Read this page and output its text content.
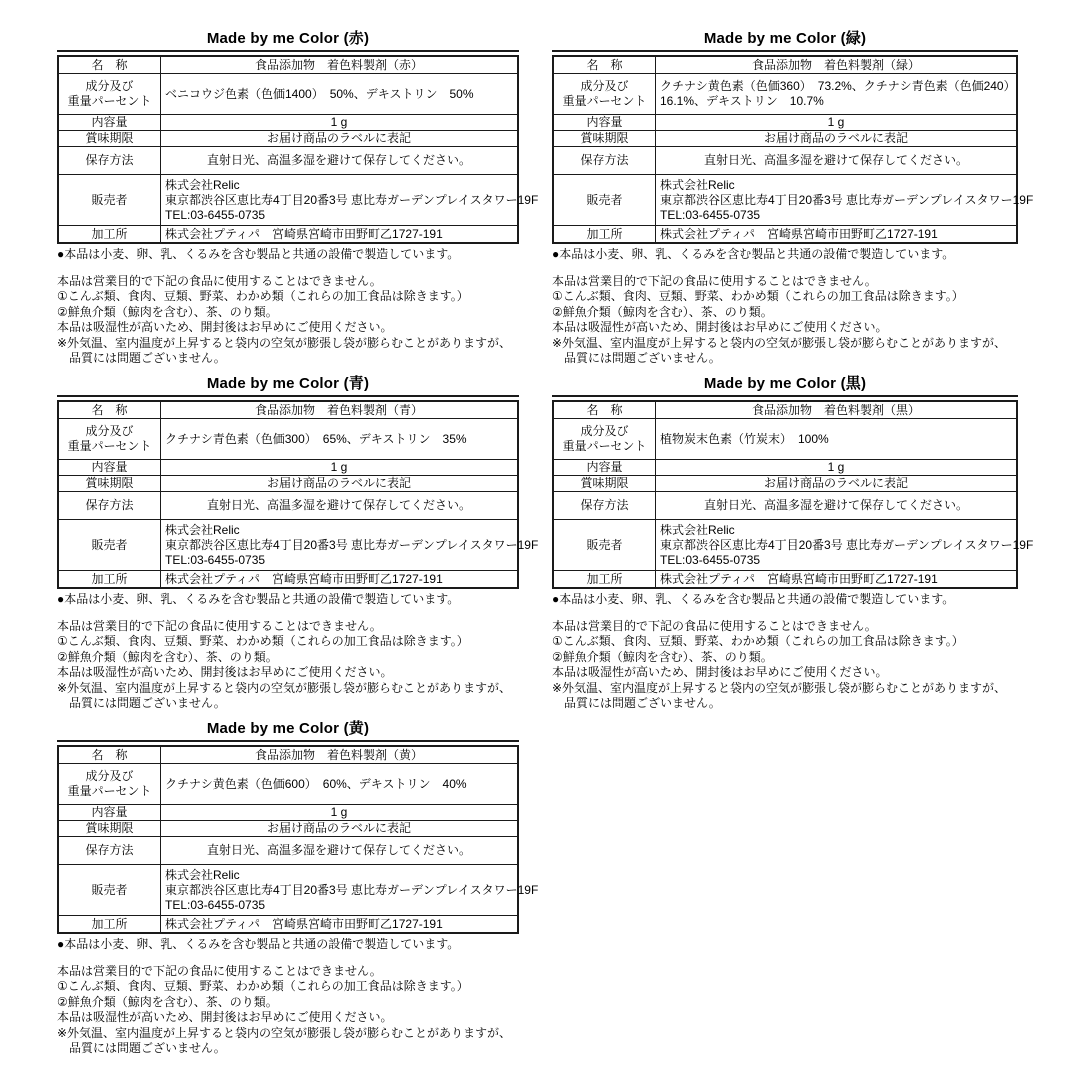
Made by me Color (赤)
名　称	食品添加物　着色料製剤（赤）

成分及び
重量パーセント	ベニコウジ色素（色価1400）　50%、デキストリン　50%
内容量	1 g
賞味期限	お届け商品のラベルに表記
保存方法	直射日光、高温多湿を避けて保存してください。
販売者	株式会社Relic
東京都渋谷区恵比寿4丁目20番3号 恵比寿ガーデンプレイスタワー19F
TEL:03-6455-0735

加工所	株式会社プティパ　宮崎県宮崎市田野町乙1727-191
●本品は小麦、卵、乳、くるみを含む製品と共通の設備で製造しています。
本品は営業目的で下記の食品に使用することはできません。
①こんぶ類、食肉、豆類、野菜、わかめ類（これらの加工食品は除きます。）
②鮮魚介類（鯨肉を含む）、茶、のり類。
本品は吸湿性が高いため、開封後はお早めにご使用ください。
※外気温、室内温度が上昇すると袋内の空気が膨張し袋が膨らむことがありますが、
　品質には問題ございません。
Made by me Color (緑)
名　称	食品添加物　着色料製剤（緑）

成分及び
重量パーセント	クチナシ黄色素（色価360）　73.2%、クチナシ青色素（色価240）16.1%、デキストリン　10.7%
内容量	1 g
賞味期限	お届け商品のラベルに表記
保存方法	直射日光、高温多湿を避けて保存してください。
販売者	株式会社Relic
東京都渋谷区恵比寿4丁目20番3号 恵比寿ガーデンプレイスタワー19F
TEL:03-6455-0735

加工所	株式会社プティパ　宮崎県宮崎市田野町乙1727-191
●本品は小麦、卵、乳、くるみを含む製品と共通の設備で製造しています。
本品は営業目的で下記の食品に使用することはできません。
①こんぶ類、食肉、豆類、野菜、わかめ類（これらの加工食品は除きます。）
②鮮魚介類（鯨肉を含む）、茶、のり類。
本品は吸湿性が高いため、開封後はお早めにご使用ください。
※外気温、室内温度が上昇すると袋内の空気が膨張し袋が膨らむことがありますが、
　品質には問題ございません。
Made by me Color (青)
名　称	食品添加物　着色料製剤（青）

成分及び
重量パーセント	クチナシ青色素（色価300）　65%、デキストリン　35%
内容量	1 g
賞味期限	お届け商品のラベルに表記
保存方法	直射日光、高温多湿を避けて保存してください。
販売者	株式会社Relic
東京都渋谷区恵比寿4丁目20番3号 恵比寿ガーデンプレイスタワー19F
TEL:03-6455-0735

加工所	株式会社プティパ　宮崎県宮崎市田野町乙1727-191
●本品は小麦、卵、乳、くるみを含む製品と共通の設備で製造しています。
本品は営業目的で下記の食品に使用することはできません。
①こんぶ類、食肉、豆類、野菜、わかめ類（これらの加工食品は除きます。）
②鮮魚介類（鯨肉を含む）、茶、のり類。
本品は吸湿性が高いため、開封後はお早めにご使用ください。
※外気温、室内温度が上昇すると袋内の空気が膨張し袋が膨らむことがありますが、
　品質には問題ございません。
Made by me Color (黒)
名　称	食品添加物　着色料製剤（黒）

成分及び
重量パーセント	植物炭末色素（竹炭末）　100%
内容量	1 g
賞味期限	お届け商品のラベルに表記
保存方法	直射日光、高温多湿を避けて保存してください。
販売者	株式会社Relic
東京都渋谷区恵比寿4丁目20番3号 恵比寿ガーデンプレイスタワー19F
TEL:03-6455-0735

加工所	株式会社プティパ　宮崎県宮崎市田野町乙1727-191
●本品は小麦、卵、乳、くるみを含む製品と共通の設備で製造しています。
本品は営業目的で下記の食品に使用することはできません。
①こんぶ類、食肉、豆類、野菜、わかめ類（これらの加工食品は除きます。）
②鮮魚介類（鯨肉を含む）、茶、のり類。
本品は吸湿性が高いため、開封後はお早めにご使用ください。
※外気温、室内温度が上昇すると袋内の空気が膨張し袋が膨らむことがありますが、
　品質には問題ございません。
Made by me Color (黄)
名　称	食品添加物　着色料製剤（黄）

成分及び
重量パーセント	クチナシ黄色素（色価600）　60%、デキストリン　40%
内容量	1 g
賞味期限	お届け商品のラベルに表記
保存方法	直射日光、高温多湿を避けて保存してください。
販売者	株式会社Relic
東京都渋谷区恵比寿4丁目20番3号 恵比寿ガーデンプレイスタワー19F
TEL:03-6455-0735

加工所	株式会社プティパ　宮崎県宮崎市田野町乙1727-191
●本品は小麦、卵、乳、くるみを含む製品と共通の設備で製造しています。
本品は営業目的で下記の食品に使用することはできません。
①こんぶ類、食肉、豆類、野菜、わかめ類（これらの加工食品は除きます。）
②鮮魚介類（鯨肉を含む）、茶、のり類。
本品は吸湿性が高いため、開封後はお早めにご使用ください。
※外気温、室内温度が上昇すると袋内の空気が膨張し袋が膨らむことがありますが、
　品質には問題ございません。
